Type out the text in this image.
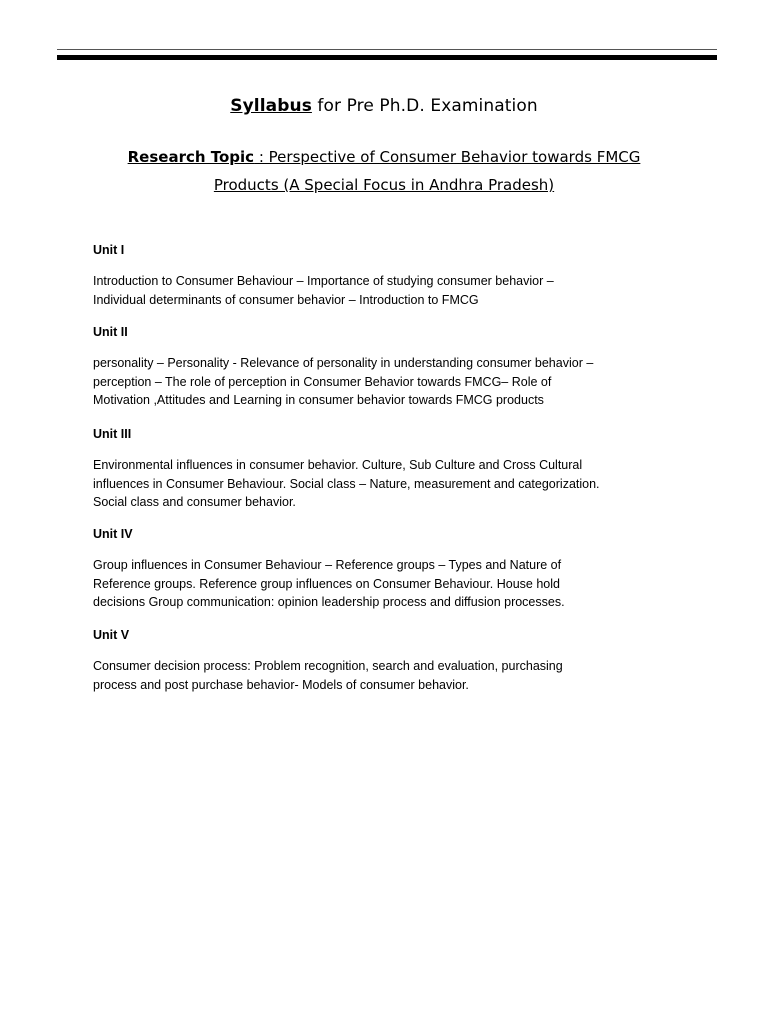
Syllabus for Pre Ph.D. Examination
Research Topic : Perspective of Consumer Behavior towards FMCG
Products (A Special Focus in Andhra Pradesh)
Unit I
Introduction to Consumer Behaviour – Importance of studying consumer behavior –
Individual determinants of consumer behavior – Introduction to FMCG
Unit II
personality – Personality - Relevance of personality in understanding consumer behavior –
perception – The role of perception in Consumer Behavior towards FMCG– Role of
Motivation ,Attitudes and Learning in consumer behavior towards FMCG products
Unit III
Environmental influences in consumer behavior. Culture, Sub Culture and Cross Cultural
influences in Consumer Behaviour. Social class – Nature, measurement and categorization.
Social class and consumer behavior.
Unit IV
Group influences in Consumer Behaviour – Reference groups – Types and Nature of
Reference groups. Reference group influences on Consumer Behaviour. House hold
decisions Group communication: opinion leadership process and diffusion processes.
Unit V
Consumer decision process: Problem recognition, search and evaluation, purchasing
process and post purchase behavior- Models of consumer behavior.
